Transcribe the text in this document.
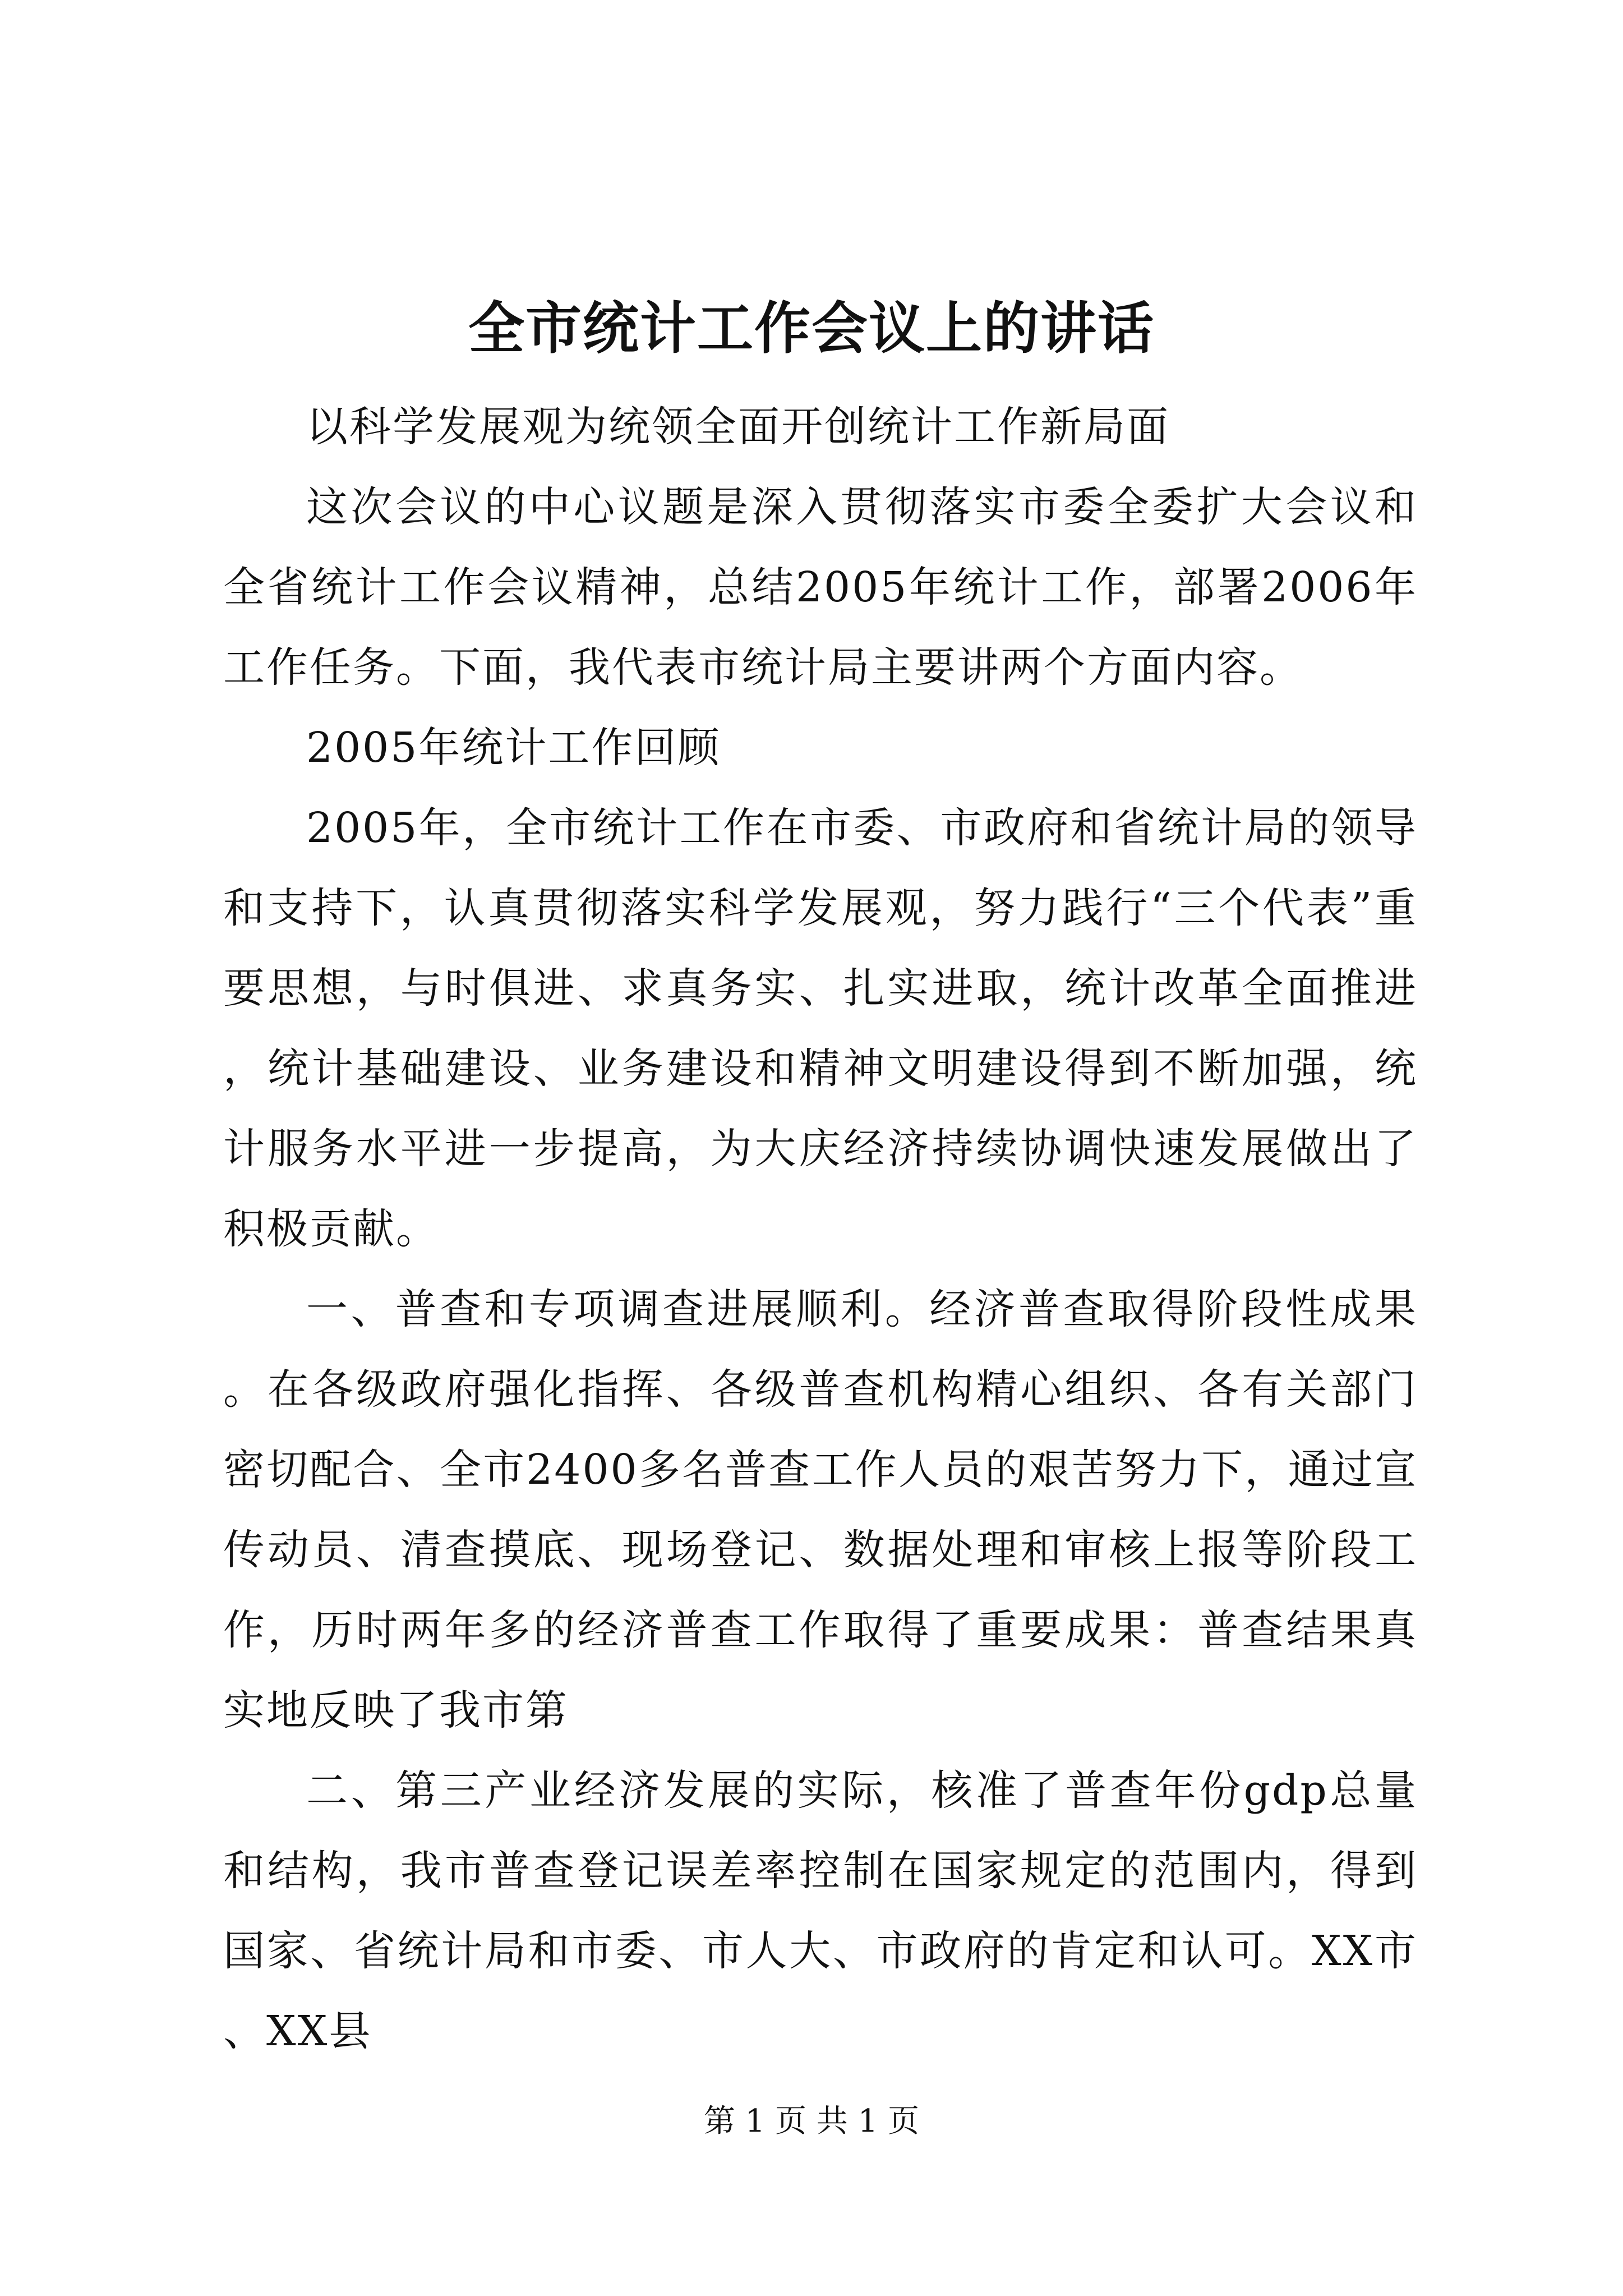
全市统计工作会议上的讲话

以科学发展观为统领全面开创统计工作新局面

这次会议的中心议题是深入贯彻落实市委全委扩大会议和全省统计工作会议精神，总结2005年统计工作，部署2006年工作任务。下面，我代表市统计局主要讲两个方面内容。

2005年统计工作回顾

2005年，全市统计工作在市委、市政府和省统计局的领导和支持下，认真贯彻落实科学发展观，努力践行“三个代表”重要思想，与时俱进、求真务实、扎实进取，统计改革全面推进，统计基础建设、业务建设和精神文明建设得到不断加强，统计服务水平进一步提高，为大庆经济持续协调快速发展做出了积极贡献。

一、普查和专项调查进展顺利。经济普查取得阶段性成果。在各级政府强化指挥、各级普查机构精心组织、各有关部门密切配合、全市2400多名普查工作人员的艰苦努力下，通过宣传动员、清查摸底、现场登记、数据处理和审核上报等阶段工作，历时两年多的经济普查工作取得了重要成果：普查结果真实地反映了我市第

二、第三产业经济发展的实际，核准了普查年份gdp总量和结构，我市普查登记误差率控制在国家规定的范围内，得到国家、省统计局和市委、市人大、市政府的肯定和认可。XX市、XX县

第 1 页 共 1 页
